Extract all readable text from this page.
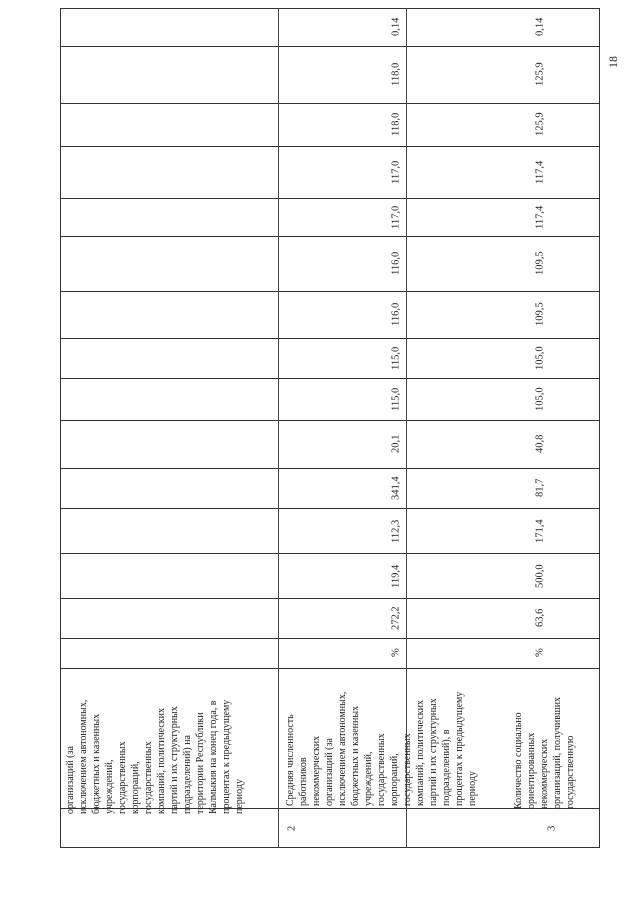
18
организаций (за исключением автономных, бюджетных и казенных учреждений, государственных корпораций, государственных компаний, политических партий и их структурных подразделений) на территории Республики Калмыкия на конец года, в процентах к предыдущему периоду
%
272,2
119,4
112,3
341,4
20,1
115,0
115,0
116,0
116,0
117,0
117,0
118,0
118,0
0,14
2
Средняя численность работников некоммерческих организаций (за исключением автономных, бюджетных и казенных учреждений, государственных корпораций, государственных компаний, политических партий и их структурных подразделений), в процентах к предыдущему периоду
%
63,6
500,0
171,4
81,7
40,8
105,0
105,0
109,5
109,5
117,4
117,4
125,9
125,9
0,14
3
Количество социально ориентированных некоммерческих организаций, получивших государственную
